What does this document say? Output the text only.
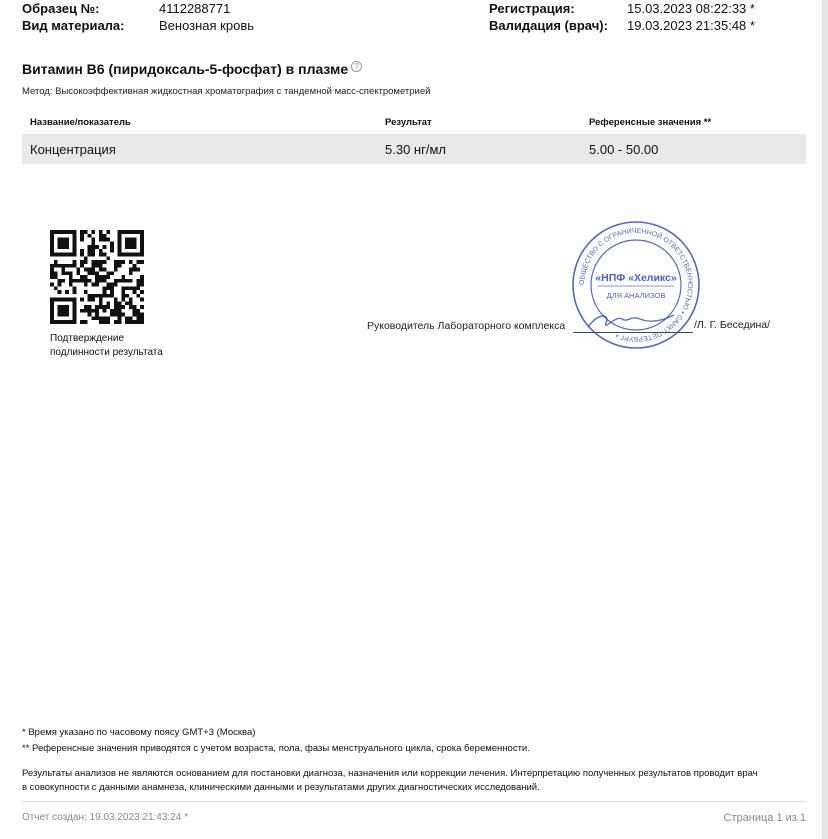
Образец №:	4112288771
Вид материала:	Венозная кровь
Регистрация:	15.03.2023 08:22:33 *
Валидация (врач): 19.03.2023 21:35:48 *
Витамин B6 (пиридоксаль-5-фосфат) в плазме ?
Метод: Высокоэффективная жидкостная хроматография с тандемной масс-спектрометрией
Название/показатель	Результат	Референсные значения **
Концентрация	5.30 нг/мл	5.00 - 50.00
Подтверждение
подлинности результата
Руководитель Лабораторного комплекса	/Л. Г. Беседина/
ОБЩЕСТВО С ОГРАНИЧЕННОЙ ОТВЕТСТВЕННОСТЬЮ • САНКТ-ПЕТЕРБУРГ •
«НПФ «Хеликс»
ДЛЯ АНАЛИЗОВ
* Время указано по часовому поясу GMT+3 (Москва)
** Референсные значения приводятся с учетом возраста, пола, фазы менструального цикла, срока беременности.
Результаты анализов не являются основанием для постановки диагноза, назначения или коррекции лечения. Интерпретацию полученных результатов проводит врач
в совокупности с данными анамнеза, клиническими данными и результатами других диагностических исследований.
Отчет создан: 19.03.2023 21:43:24 *	Страница 1 из 1
